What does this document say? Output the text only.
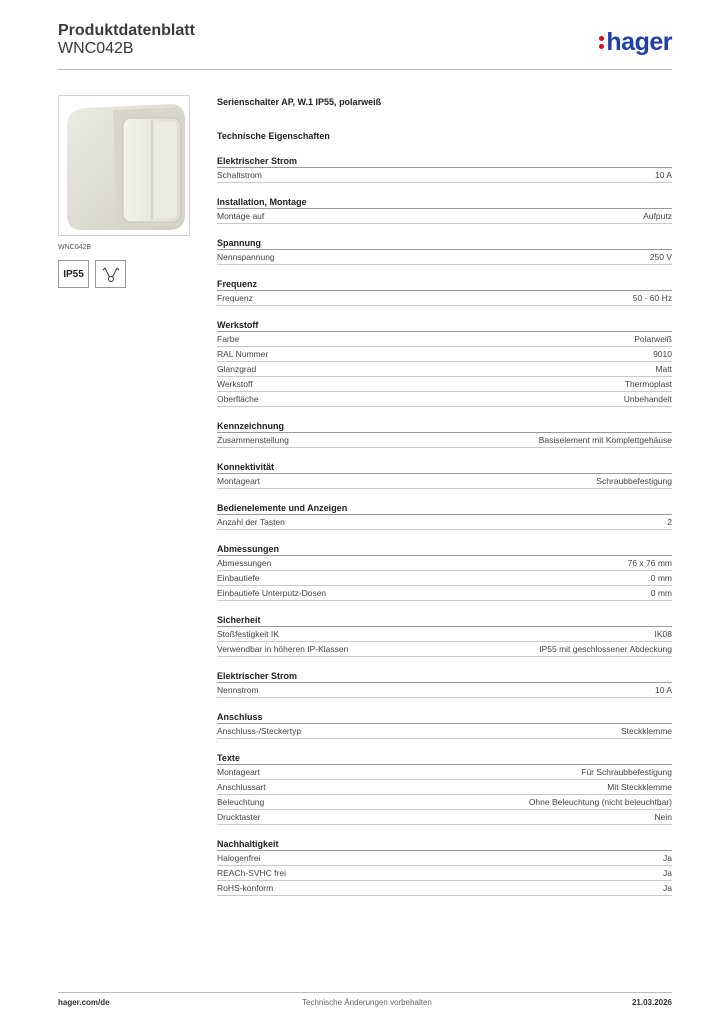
Produktdatenblatt
WNC042B	hager
WNC042B
IP55
Serienschalter AP, W.1 IP55, polarweiß
Technische Eigenschaften
Elektrischer Strom
Schaltstrom	10 A
Installation, Montage
Montage auf	Aufputz
Spannung
Nennspannung	250 V
Frequenz
Frequenz	50 - 60 Hz
Werkstoff
Farbe	Polarweiß
RAL Nummer	9010
Glanzgrad	Matt
Werkstoff	Thermoplast
Oberfläche	Unbehandelt
Kennzeichnung
Zusammenstellung	Basiselement mit Komplettgehäuse
Konnektivität
Montageart	Schraubbefestigung
Bedienelemente und Anzeigen
Anzahl der Tasten	2
Abmessungen
Abmessungen	76 x 76 mm
Einbautiefe	0 mm
Einbautiefe Unterputz-Dosen	0 mm
Sicherheit
Stoßfestigkeit IK	IK08
Verwendbar in höheren IP-Klassen	IP55 mit geschlossener Abdeckung
Elektrischer Strom
Nennstrom	10 A
Anschluss
Anschluss-/Steckertyp	Steckklemme
Texte
Montageart	Für Schraubbefestigung
Anschlussart	Mit Steckklemme
Beleuchtung	Ohne Beleuchtung (nicht beleuchtbar)
Drucktaster	Nein
Nachhaltigkeit
Halogenfrei	Ja
REACh-SVHC frei	Ja
RoHS-konform	Ja
hager.com/de	Technische Änderungen vorbehalten	21.03.2026
